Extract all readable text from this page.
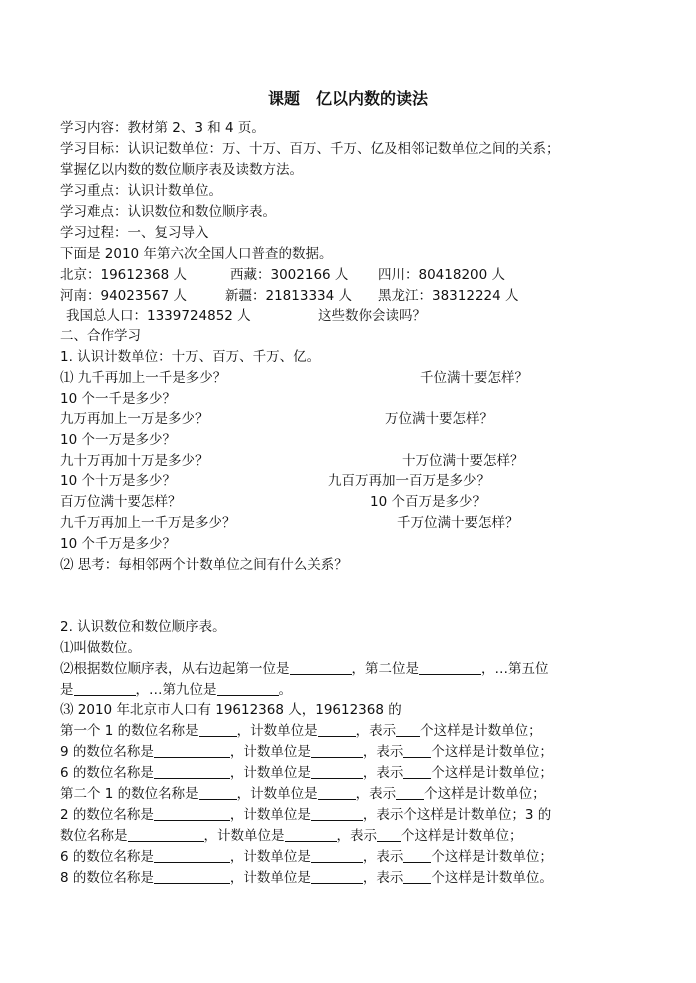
课题　亿以内数的读法
学习内容：教材第 2、3 和 4 页。
学习目标：认识记数单位：万、十万、百万、千万、亿及相邻记数单位之间的关系；
掌握亿以内数的数位顺序表及读数方法。
学习重点：认识计数单位。
学习难点：认识数位和数位顺序表。
学习过程：一、复习导入
下面是 2010 年第六次全国人口普查的数据。
北京：19612368 人	西藏：3002166 人 四川：80418200 人
河南：94023567 人	新疆：21813334 人 黑龙江：38312224 人
我国总人口：1339724852 人	这些数你会读吗？
二、合作学习
1. 认识计数单位：十万、百万、千万、亿。
⑴ 九千再加上一千是多少？	千位满十要怎样？
10 个一千是多少？
九万再加上一万是多少？	万位满十要怎样？
10 个一万是多少？
九十万再加十万是多少？	十万位满十要怎样？
10 个十万是多少？	九百万再加一百万是多少？
百万位满十要怎样？	10 个百万是多少？
九千万再加上一千万是多少？	千万位满十要怎样？
10 个千万是多少？
⑵ 思考：每相邻两个计数单位之间有什么关系？
2. 认识数位和数位顺序表。
⑴叫做数位。
⑵根据数位顺序表，从右边起第一位是	，第二位是	，…第五位
是	，…第九位是	。
⑶ 2010 年北京市人口有 19612368 人，19612368 的
第一个 1 的数位名称是	，计数单位是	，表示 个这样是计数单位；
9 的数位名称是	，计数单位是	，表示 个这样是计数单位；
6 的数位名称是	，计数单位是	，表示 个这样是计数单位；
第二个 1 的数位名称是	，计数单位是	，表示 个这样是计数单位；
2 的数位名称是	，计数单位是	，表示个这样是计数单位；3 的
数位名称是	，计数单位是	，表示 个这样是计数单位；
6 的数位名称是	，计数单位是	，表示 个这样是计数单位；
8 的数位名称是	，计数单位是	，表示 个这样是计数单位。
